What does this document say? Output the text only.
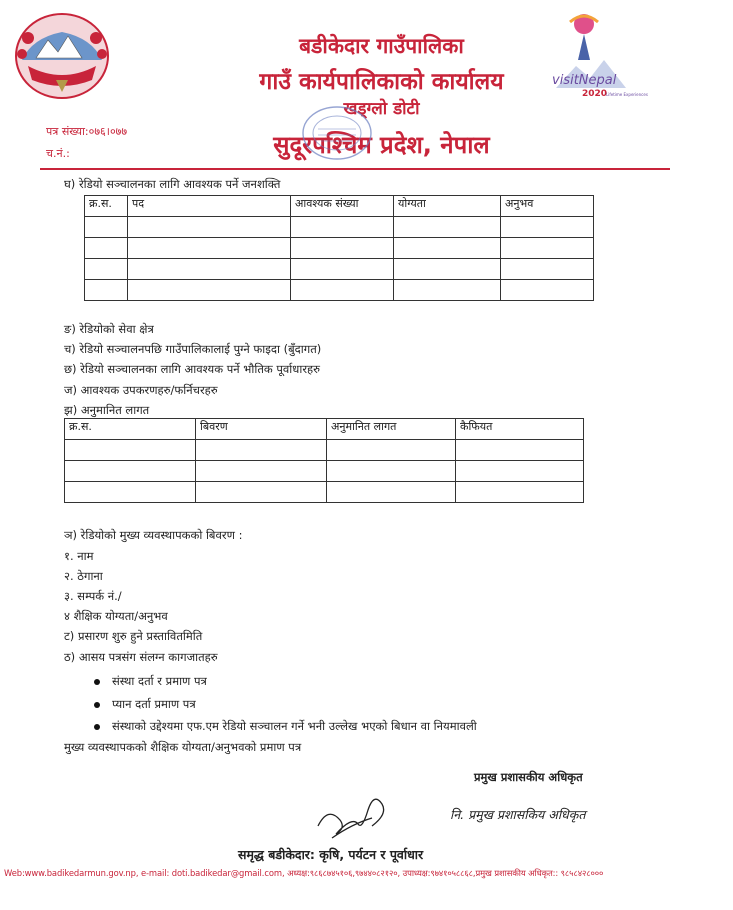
बडीकेदार गाउँपालिका
गाउँ कार्यपालिकाको कार्यालय
खड्ग्लो डोटी
सुदूरपश्चिम प्रदेश, नेपाल
visitNepal
2020
Lifetime Experiences
पत्र संख्या:०७६।०७७
च.नं.:
घ) रेडियो सञ्चालनका लागि आवश्यक पर्ने जनशक्ति
क्र.स.	पद	आवश्यक संख्या	योग्यता	अनुभव

ङ) रेडियोको सेवा क्षेत्र
च) रेडियो सञ्चालनपछि गाउँपालिकालाई पुग्ने फाइदा (बुँदागत)
छ) रेडियो सञ्चालनका लागि आवश्यक पर्ने भौतिक पूर्वाधारहरु
ज) आवश्यक उपकरणहरु/फर्निचरहरु
झ) अनुमानित लागत
क्र.स.	बिवरण	अनुमानित लागत	कैफियत

ञ) रेडियोको मुख्य व्यवस्थापकको बिवरण :
१. नाम
२. ठेगाना
३. सम्पर्क नं./
४ शैक्षिक योग्यता/अनुभव
ट) प्रसारण शुरु हुने प्रस्तावितमिति
ठ) आसय पत्रसंग संलग्न कागजातहरु
संस्था दर्ता र प्रमाण पत्र
प्यान दर्ता प्रमाण पत्र
संस्थाको उद्देश्यमा एफ.एम रेडियो सञ्चालन गर्ने भनी उल्लेख भएको बिधान वा नियमावली
मुख्य व्यवस्थापकको शैक्षिक योग्यता/अनुभवको प्रमाण पत्र
प्रमुख प्रशासकीय अधिकृत
नि. प्रमुख प्रशासकिय अधिकृत
समृद्ध बडीकेदार: कृषि, पर्यटन र पूर्वाधार
Web:www.badikedarmun.gov.np, e-mail: doti.badikedar@gmail.com, अध्यक्ष:९८६८७४५१०६,९७४४०८२१२०, उपाध्यक्ष:९७४१०५८८६८,प्रमुख प्रशासकीय अधिकृत:: ९८५८४२८०००
